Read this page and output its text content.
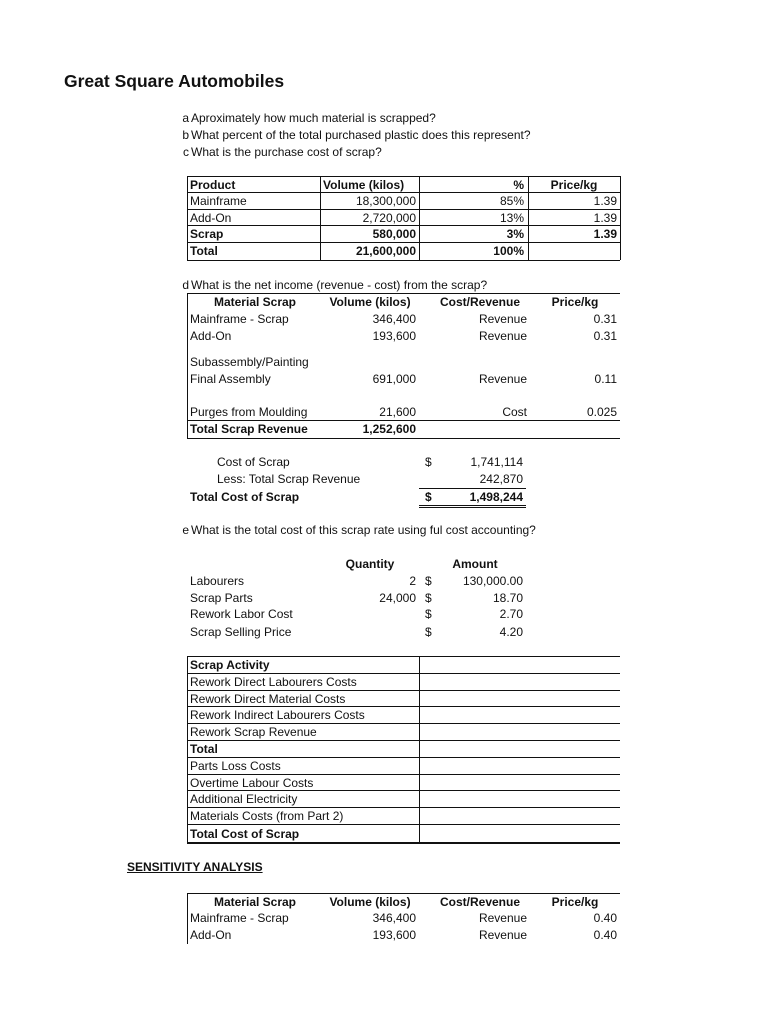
Great Square Automobiles
a Aproximately how much material is scrapped?
b What percent of the total purchased plastic does this represent?
c What is the purchase cost of scrap?
Product	Volume (kilos)	%	Price/kg
Mainframe	18,300,000	85%	1.39
Add-On	2,720,000	13%	1.39
Scrap	580,000	3%	1.39
Total	21,600,000	100%
d What is the net income (revenue - cost) from the scrap?
Material Scrap	Volume (kilos)	Cost/Revenue	Price/kg
Mainframe - Scrap	346,400	Revenue	0.31
Add-On	193,600	Revenue	0.31
Subassembly/Painting
Final Assembly	691,000	Revenue	0.11
Purges from Moulding	21,600	Cost	0.025
Total Scrap Revenue	1,252,600
Cost of Scrap	$	1,741,114
Less: Total Scrap Revenue	242,870
Total Cost of Scrap	$	1,498,244
e What is the total cost of this scrap rate using ful cost accounting?
Quantity	Amount
Labourers	2 $	130,000.00
Scrap Parts	24,000 $	18.70
Rework Labor Cost	$	2.70
Scrap Selling Price	$	4.20
Scrap Activity
Rework Direct Labourers Costs
Rework Direct Material Costs
Rework Indirect Labourers Costs
Rework Scrap Revenue
Total
Parts Loss Costs
Overtime Labour Costs
Additional Electricity
Materials Costs (from Part 2)
Total Cost of Scrap
SENSITIVITY ANALYSIS
Material Scrap	Volume (kilos)	Cost/Revenue	Price/kg
Mainframe - Scrap	346,400	Revenue	0.40
Add-On	193,600	Revenue	0.40
